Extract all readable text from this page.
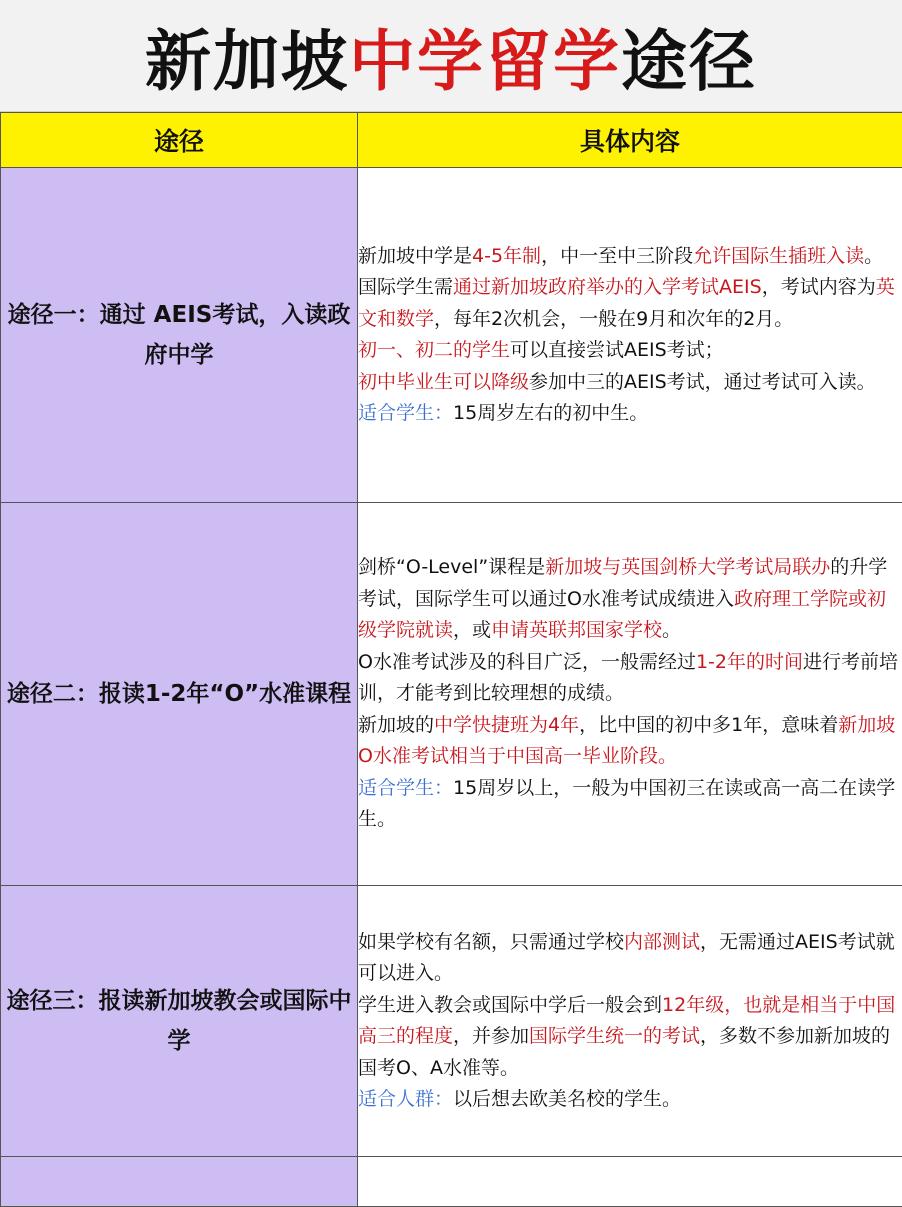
新加坡 中学留学 途径
途径	具体内容
途径一：通过 AEIS考试，入读政府中学	新加坡中学是4-5年制，中一至中三阶段允许国际生插班入读。
国际学生需通过新加坡政府举办的入学考试AEIS，考试内容为英文和数学，每年2次机会，一般在9月和次年的2月。
初一、初二的学生可以直接尝试AEIS考试；
初中毕业生可以降级参加中三的AEIS考试，通过考试可入读。
适合学生：15周岁左右的初中生。

途径二：报读1-2年“O”水准课程	剑桥“O-Level”课程是新加坡与英国剑桥大学考试局联办的升学考试，国际学生可以通过O水准考试成绩进入政府理工学院或初级学院就读，或申请英联邦国家学校。
O水准考试涉及的科目广泛，一般需经过1-2年的时间进行考前培训，才能考到比较理想的成绩。
新加坡的中学快捷班为4年，比中国的初中多1年，意味着新加坡O水准考试相当于中国高一毕业阶段。
适合学生：15周岁以上，一般为中国初三在读或高一高二在读学生。

途径三：报读新加坡教会或国际中学	如果学校有名额，只需通过学校内部测试，无需通过AEIS考试就可以进入。
学生进入教会或国际中学后一般会到12年级，也就是相当于中国高三的程度，并参加国际学生统一的考试，多数不参加新加坡的国考O、A水准等。
适合人群：以后想去欧美名校的学生。
